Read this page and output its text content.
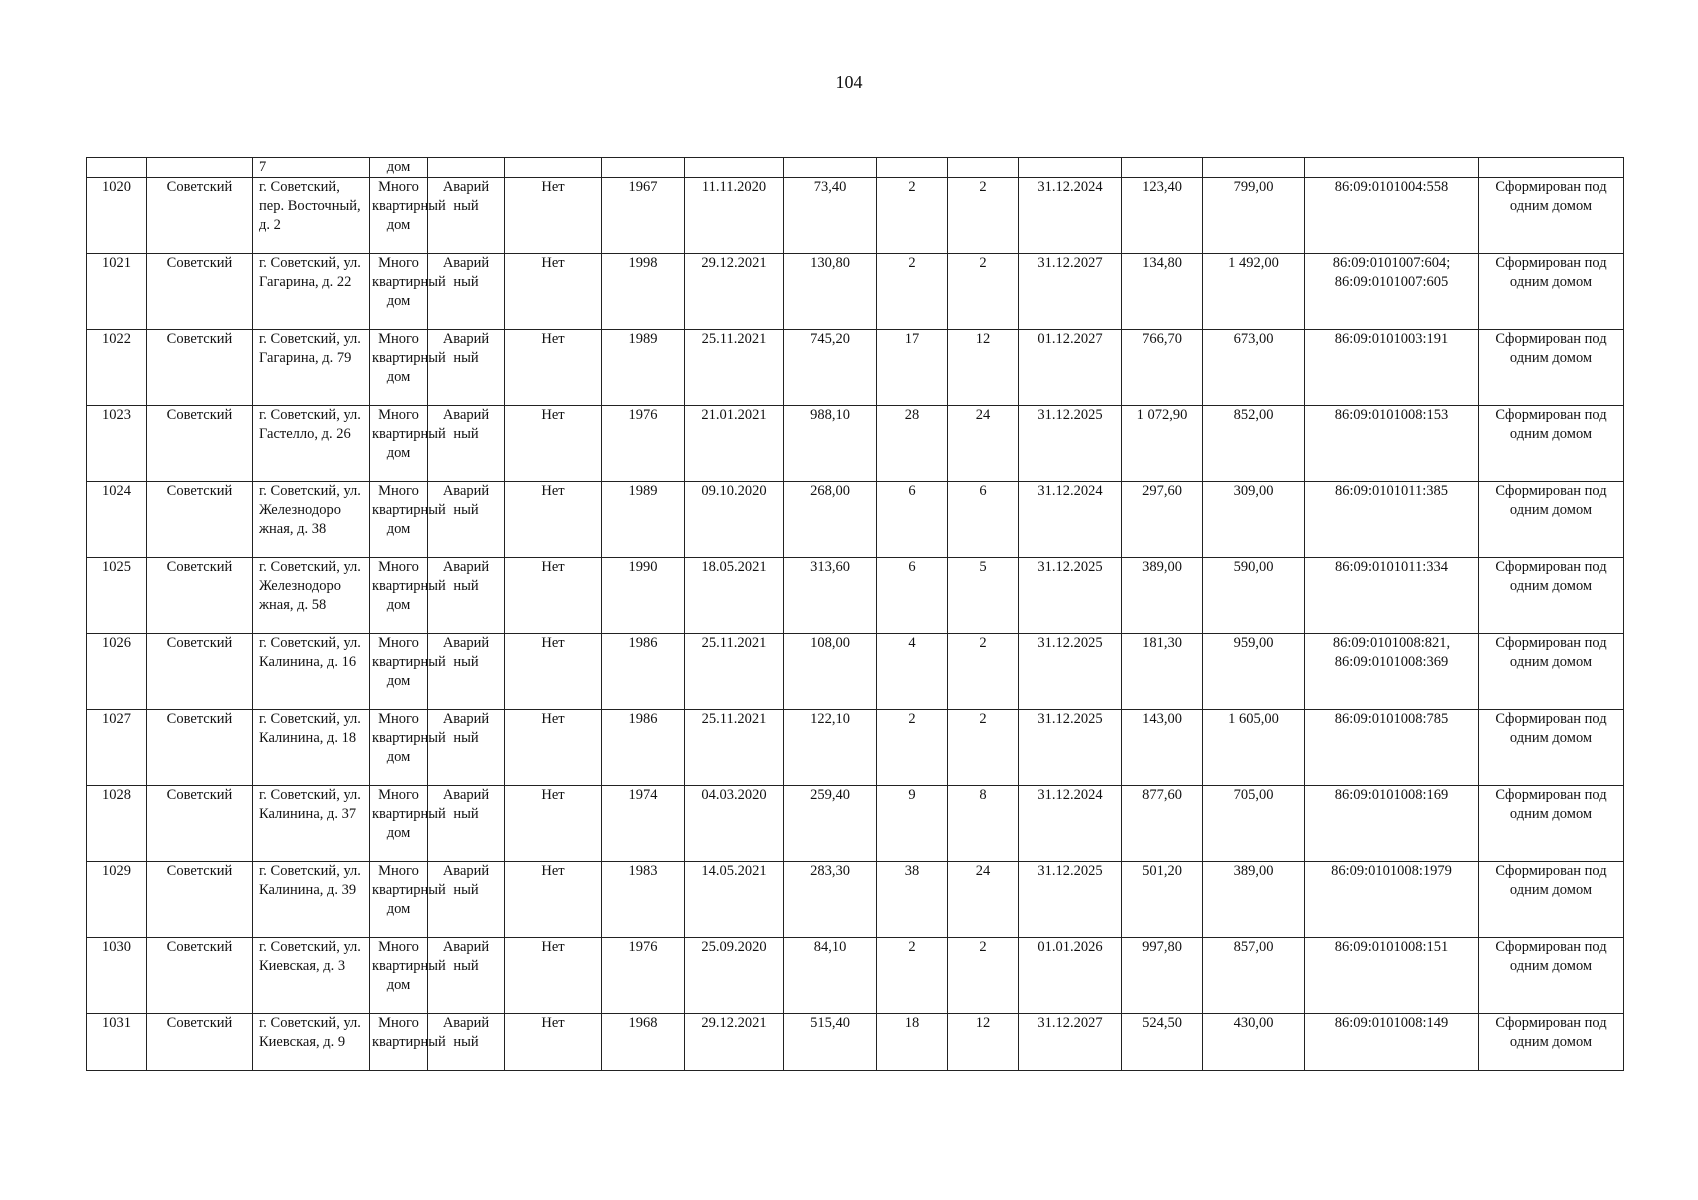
104
		7	дом												
1020	Советский	г. Советский, пер. Восточный, д. 2	Много квартирный дом	Аварий ный	Нет	1967	11.11.2020	73,40	2	2	31.12.2024	123,40	799,00	86:09:0101004:558	Сформирован под одним домом
1021	Советский	г. Советский, ул. Гагарина, д. 22	Много квартирный дом	Аварий ный	Нет	1998	29.12.2021	130,80	2	2	31.12.2027	134,80	1 492,00	86:09:0101007:604; 86:09:0101007:605	Сформирован под одним домом
1022	Советский	г. Советский, ул. Гагарина, д. 79	Много квартирный дом	Аварий ный	Нет	1989	25.11.2021	745,20	17	12	01.12.2027	766,70	673,00	86:09:0101003:191	Сформирован под одним домом
1023	Советский	г. Советский, ул. Гастелло, д. 26	Много квартирный дом	Аварий ный	Нет	1976	21.01.2021	988,10	28	24	31.12.2025	1 072,90	852,00	86:09:0101008:153	Сформирован под одним домом
1024	Советский	г. Советский, ул. Железнодоро жная, д. 38	Много квартирный дом	Аварий ный	Нет	1989	09.10.2020	268,00	6	6	31.12.2024	297,60	309,00	86:09:0101011:385	Сформирован под одним домом
1025	Советский	г. Советский, ул. Железнодоро жная, д. 58	Много квартирный дом	Аварий ный	Нет	1990	18.05.2021	313,60	6	5	31.12.2025	389,00	590,00	86:09:0101011:334	Сформирован под одним домом
1026	Советский	г. Советский, ул. Калинина, д. 16	Много квартирный дом	Аварий ный	Нет	1986	25.11.2021	108,00	4	2	31.12.2025	181,30	959,00	86:09:0101008:821, 86:09:0101008:369	Сформирован под одним домом
1027	Советский	г. Советский, ул. Калинина, д. 18	Много квартирный дом	Аварий ный	Нет	1986	25.11.2021	122,10	2	2	31.12.2025	143,00	1 605,00	86:09:0101008:785	Сформирован под одним домом
1028	Советский	г. Советский, ул. Калинина, д. 37	Много квартирный дом	Аварий ный	Нет	1974	04.03.2020	259,40	9	8	31.12.2024	877,60	705,00	86:09:0101008:169	Сформирован под одним домом
1029	Советский	г. Советский, ул. Калинина, д. 39	Много квартирный дом	Аварий ный	Нет	1983	14.05.2021	283,30	38	24	31.12.2025	501,20	389,00	86:09:0101008:1979	Сформирован под одним домом
1030	Советский	г. Советский, ул. Киевская, д. 3	Много квартирный дом	Аварий ный	Нет	1976	25.09.2020	84,10	2	2	01.01.2026	997,80	857,00	86:09:0101008:151	Сформирован под одним домом
1031	Советский	г. Советский, ул. Киевская, д. 9	Много квартирный	Аварий ный	Нет	1968	29.12.2021	515,40	18	12	31.12.2027	524,50	430,00	86:09:0101008:149	Сформирован под одним домом
